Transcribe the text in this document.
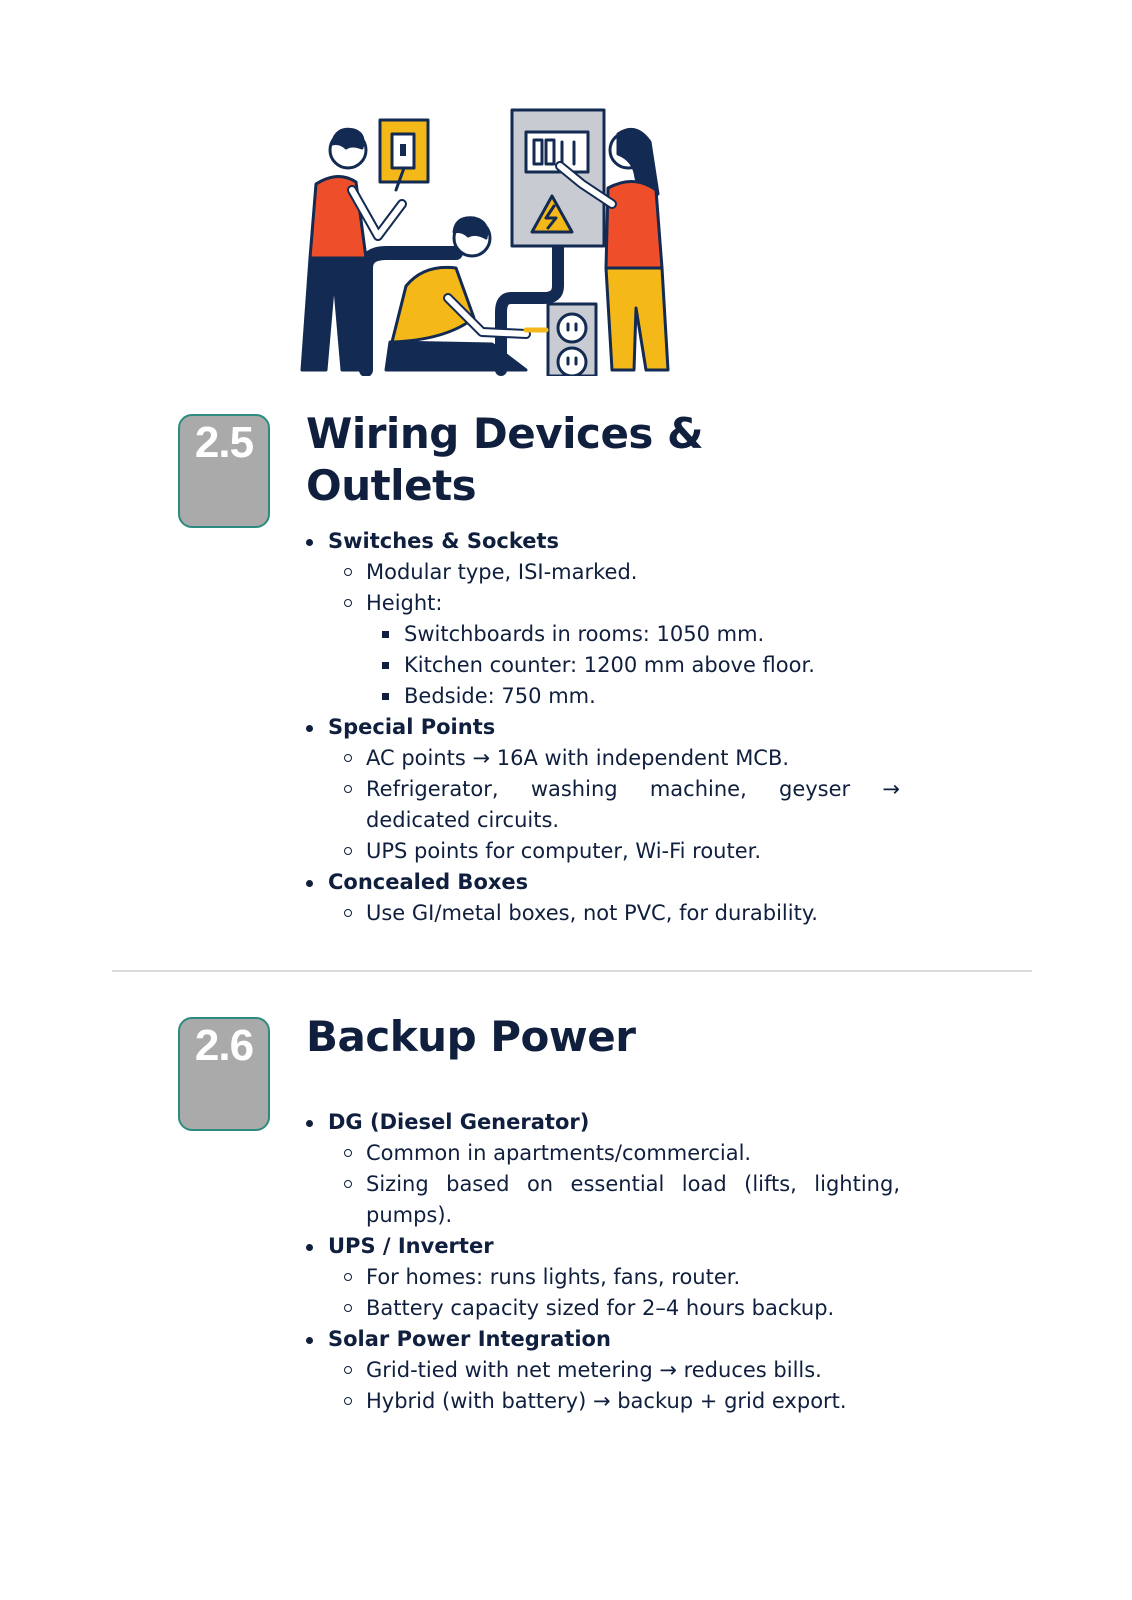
2.5	Wiring Devices & Outlets
Switches & Sockets
Modular type, ISI-marked.
Height:
Switchboards in rooms: 1050 mm.
Kitchen counter: 1200 mm above floor.
Bedside: 750 mm.
Special Points
AC points → 16A with independent MCB.
Refrigerator, washing machine, geyser → dedicated circuits.
UPS points for computer, Wi-Fi router.
Concealed Boxes
Use GI/metal boxes, not PVC, for durability.
2.6	Backup Power
DG (Diesel Generator)
Common in apartments/commercial.
Sizing based on essential load (lifts, lighting, pumps).
UPS / Inverter
For homes: runs lights, fans, router.
Battery capacity sized for 2–4 hours backup.
Solar Power Integration
Grid-tied with net metering → reduces bills.
Hybrid (with battery) → backup + grid export.
